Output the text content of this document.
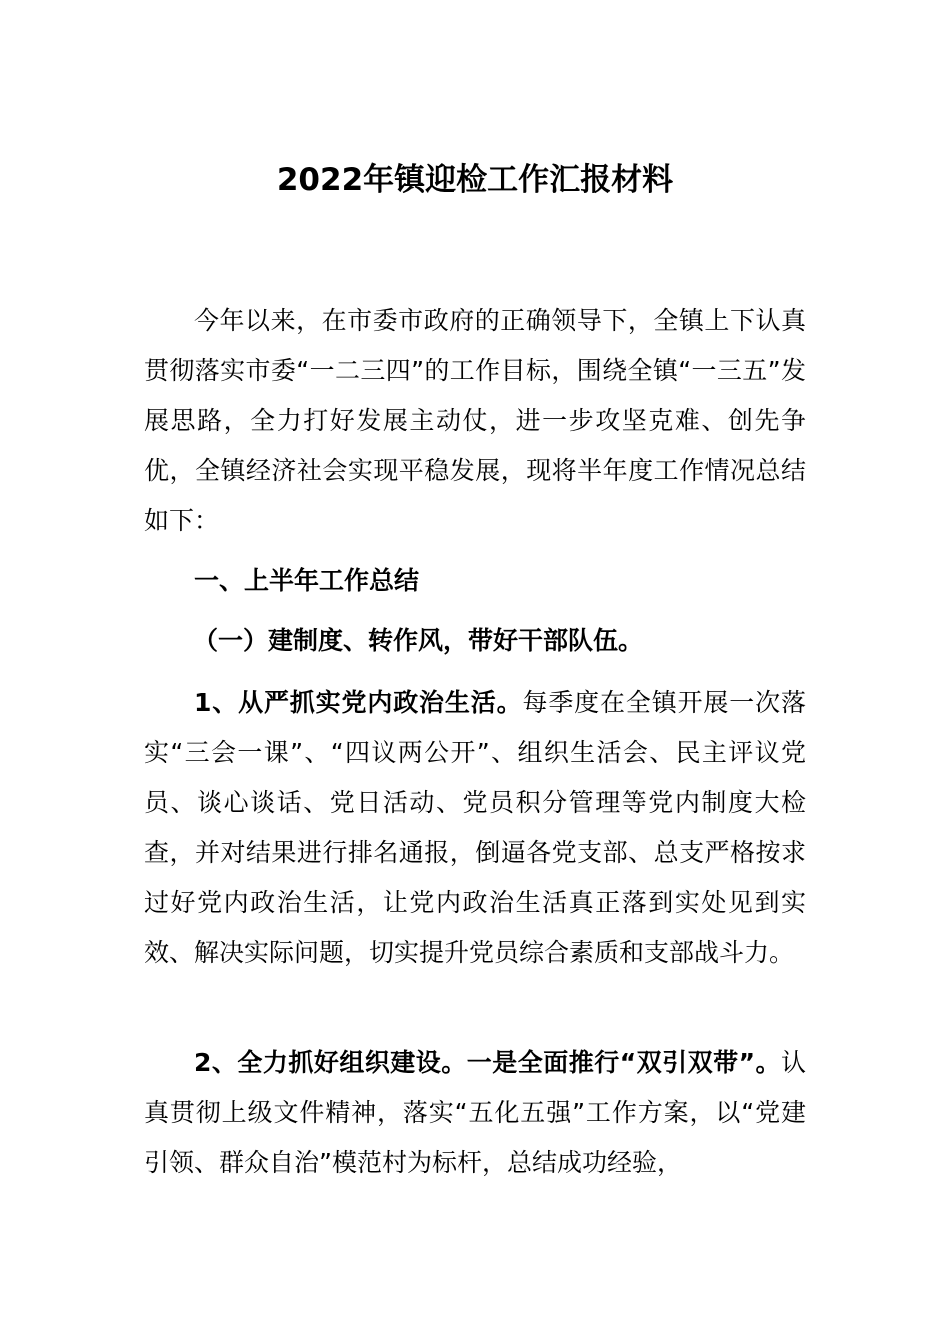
2022年镇迎检工作汇报材料

今年以来，在市委市政府的正确领导下，全镇上下认真贯彻落实市委“一二三四”的工作目标，围绕全镇“一三五”发展思路，全力打好发展主动仗，进一步攻坚克难、创先争优，全镇经济社会实现平稳发展，现将半年度工作情况总结如下：

一、上半年工作总结

（一）建制度、转作风，带好干部队伍。

1、从严抓实党内政治生活。每季度在全镇开展一次落实“三会一课”、“四议两公开”、组织生活会、民主评议党员、谈心谈话、党日活动、党员积分管理等党内制度大检查，并对结果进行排名通报，倒逼各党支部、总支严格按求过好党内政治生活，让党内政治生活真正落到实处见到实效、解决实际问题，切实提升党员综合素质和支部战斗力。

2、全力抓好组织建设。一是全面推行“双引双带”。认真贯彻上级文件精神，落实“五化五强”工作方案，以“党建引领、群众自治”模范村为标杆，总结成功经验，
